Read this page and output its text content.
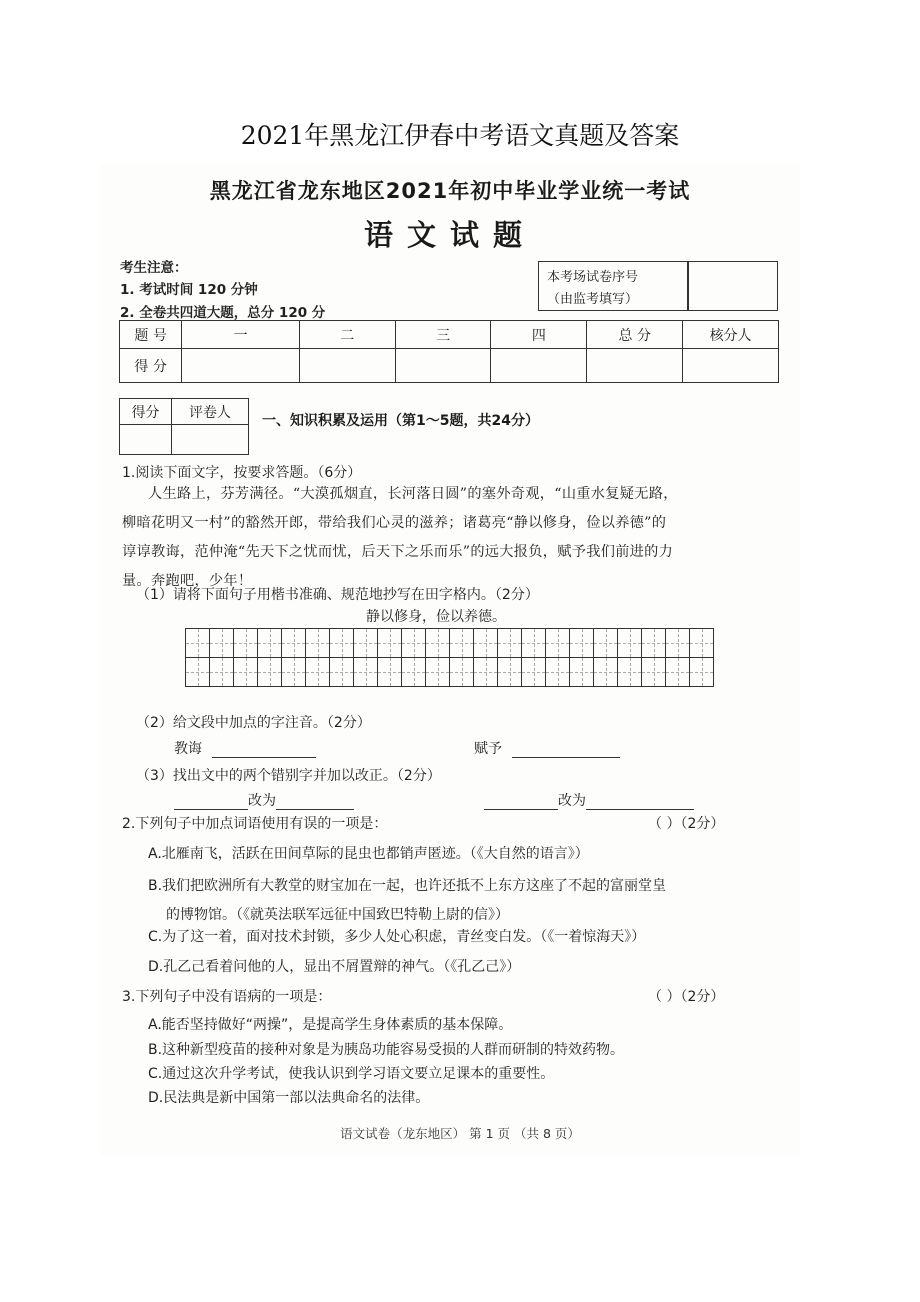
2021年黑龙江伊春中考语文真题及答案
黑龙江省龙东地区2021年初中毕业学业统一考试
语文试题
考生注意：
1. 考试时间 120 分钟
2. 全卷共四道大题，总分 120 分
本考场试卷序号
（由监考填写）
题 号	一	二	三	四	总 分	核分人
得 分						
得分	评卷人

一、知识积累及运用（第1～5题，共24分）
1.阅读下面文字，按要求答题。（6分）
人生路上，芬芳满径。“大漠孤烟直，长河落日圆”的塞外奇观，“山重水复疑无路，
柳暗花明又一村”的豁然开郎，带给我们心灵的滋养；诸葛亮“静以修身，俭以养德”的
谆谆教诲，范仲淹“先天下之忧而忧，后天下之乐而乐”的远大报负，赋予我们前进的力
量。奔跑吧，少年！
（1）请将下面句子用楷书准确、规范地抄写在田字格内。（2分）
静以修身，俭以养德。

（2）给文段中加点的字注音。（2分）
教诲	赋予
（3）找出文中的两个错别字并加以改正。（2分）
改为	改为
2.下列句子中加点词语使用有误的一项是：	（ ）（2分）
A.北雁南飞，活跃在田间草际的昆虫也都销声匿迹。（《大自然的语言》）
B.我们把欧洲所有大教堂的财宝加在一起，也许还抵不上东方这座了不起的富丽堂皇
的博物馆。（《就英法联军远征中国致巴特勒上尉的信》）
C.为了这一着，面对技术封锁，多少人处心积虑，青丝变白发。（《一着惊海天》）
D.孔乙己看着问他的人，显出不屑置辩的神气。（《孔乙己》）
3.下列句子中没有语病的一项是：	（ ）（2分）
A.能否坚持做好“两操”，是提高学生身体素质的基本保障。
B.这种新型疫苗的接种对象是为胰岛功能容易受损的人群而研制的特效药物。
C.通过这次升学考试，使我认识到学习语文要立足课本的重要性。
D.民法典是新中国第一部以法典命名的法律。
语文试卷（龙东地区） 第 1 页 （共 8 页）
